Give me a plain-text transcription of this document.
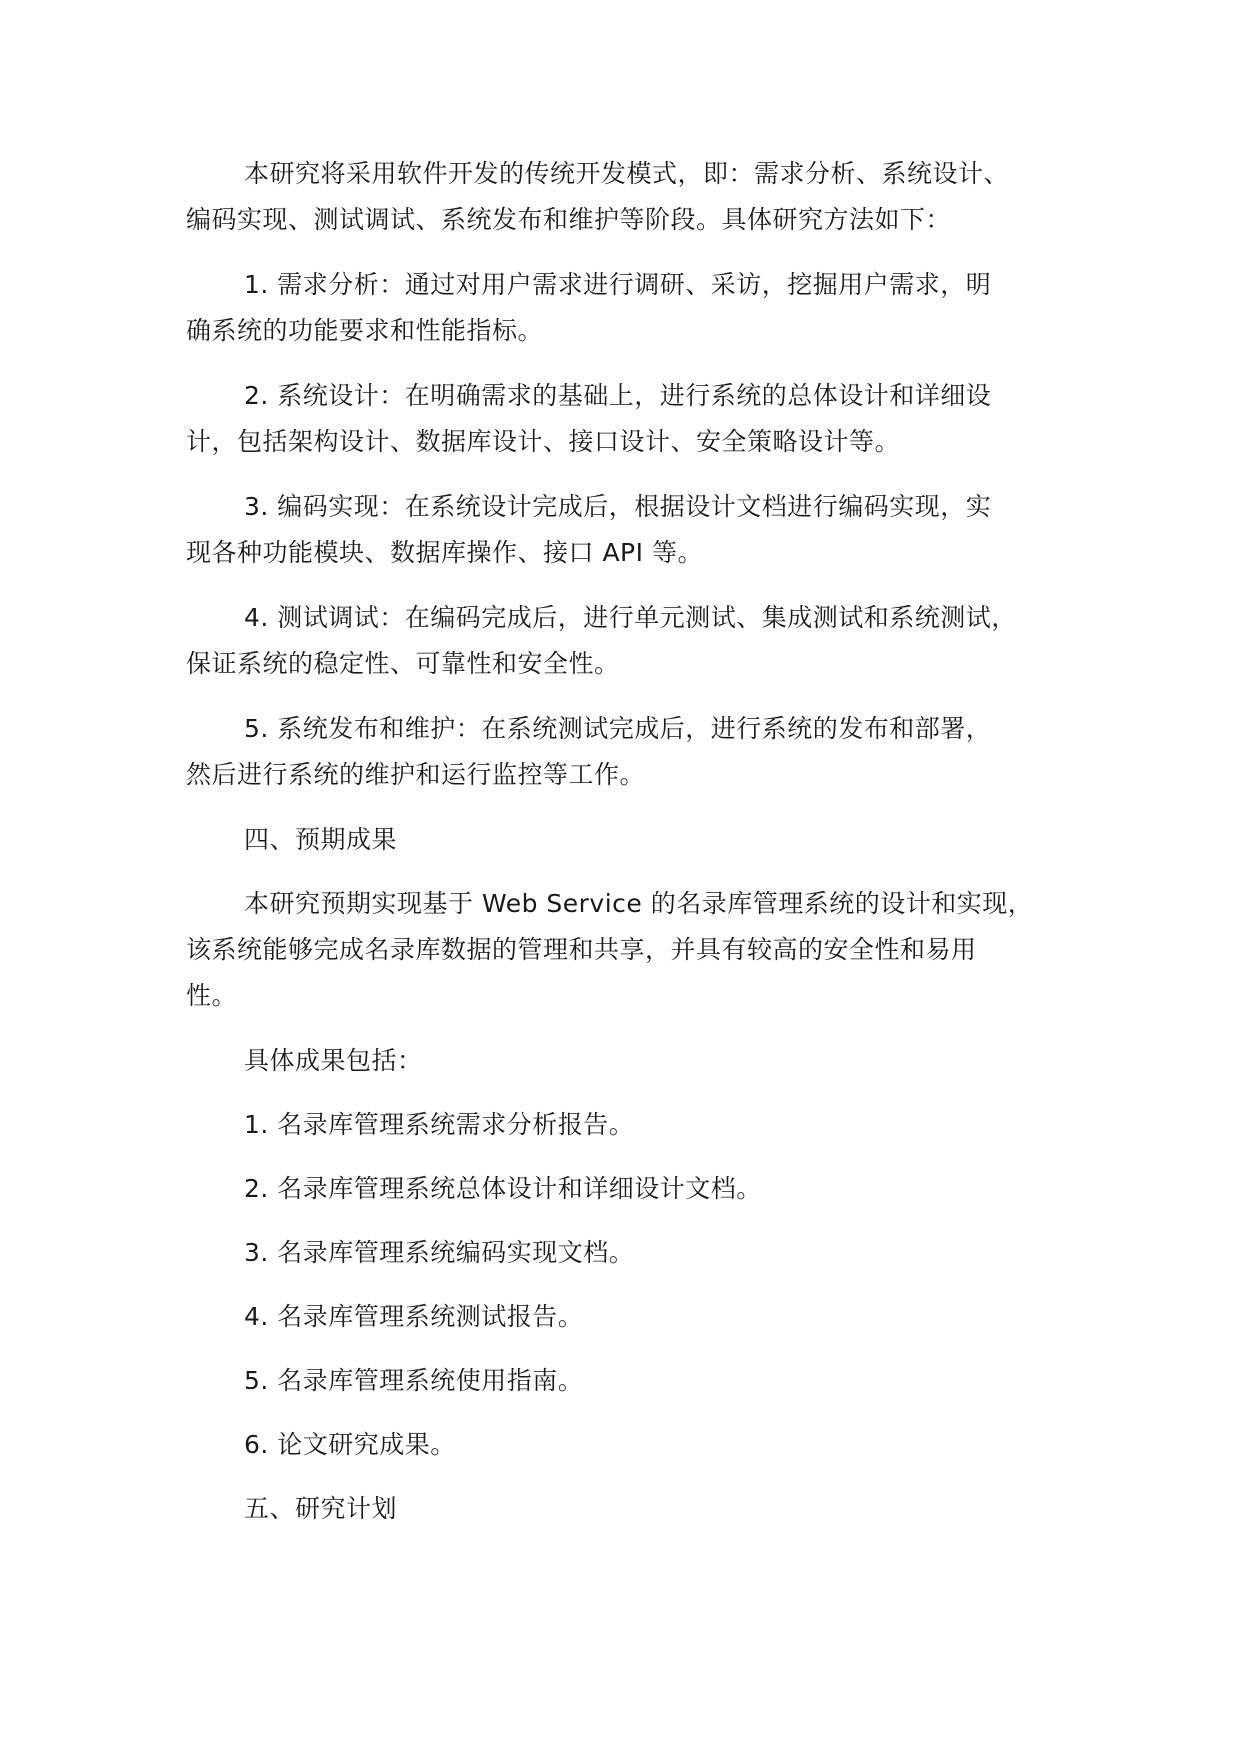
本研究将采用软件开发的传统开发模式，即：需求分析、系统设计、
编码实现、测试调试、系统发布和维护等阶段。具体研究方法如下：
1. 需求分析：通过对用户需求进行调研、采访，挖掘用户需求，明
确系统的功能要求和性能指标。
2. 系统设计：在明确需求的基础上，进行系统的总体设计和详细设
计，包括架构设计、数据库设计、接口设计、安全策略设计等。
3. 编码实现：在系统设计完成后，根据设计文档进行编码实现，实
现各种功能模块、数据库操作、接口 API 等。
4. 测试调试：在编码完成后，进行单元测试、集成测试和系统测试，
保证系统的稳定性、可靠性和安全性。
5. 系统发布和维护：在系统测试完成后，进行系统的发布和部署，
然后进行系统的维护和运行监控等工作。
四、预期成果
本研究预期实现基于 Web Service 的名录库管理系统的设计和实现，
该系统能够完成名录库数据的管理和共享，并具有较高的安全性和易用
性。
具体成果包括：
1. 名录库管理系统需求分析报告。
2. 名录库管理系统总体设计和详细设计文档。
3. 名录库管理系统编码实现文档。
4. 名录库管理系统测试报告。
5. 名录库管理系统使用指南。
6. 论文研究成果。
五、研究计划
